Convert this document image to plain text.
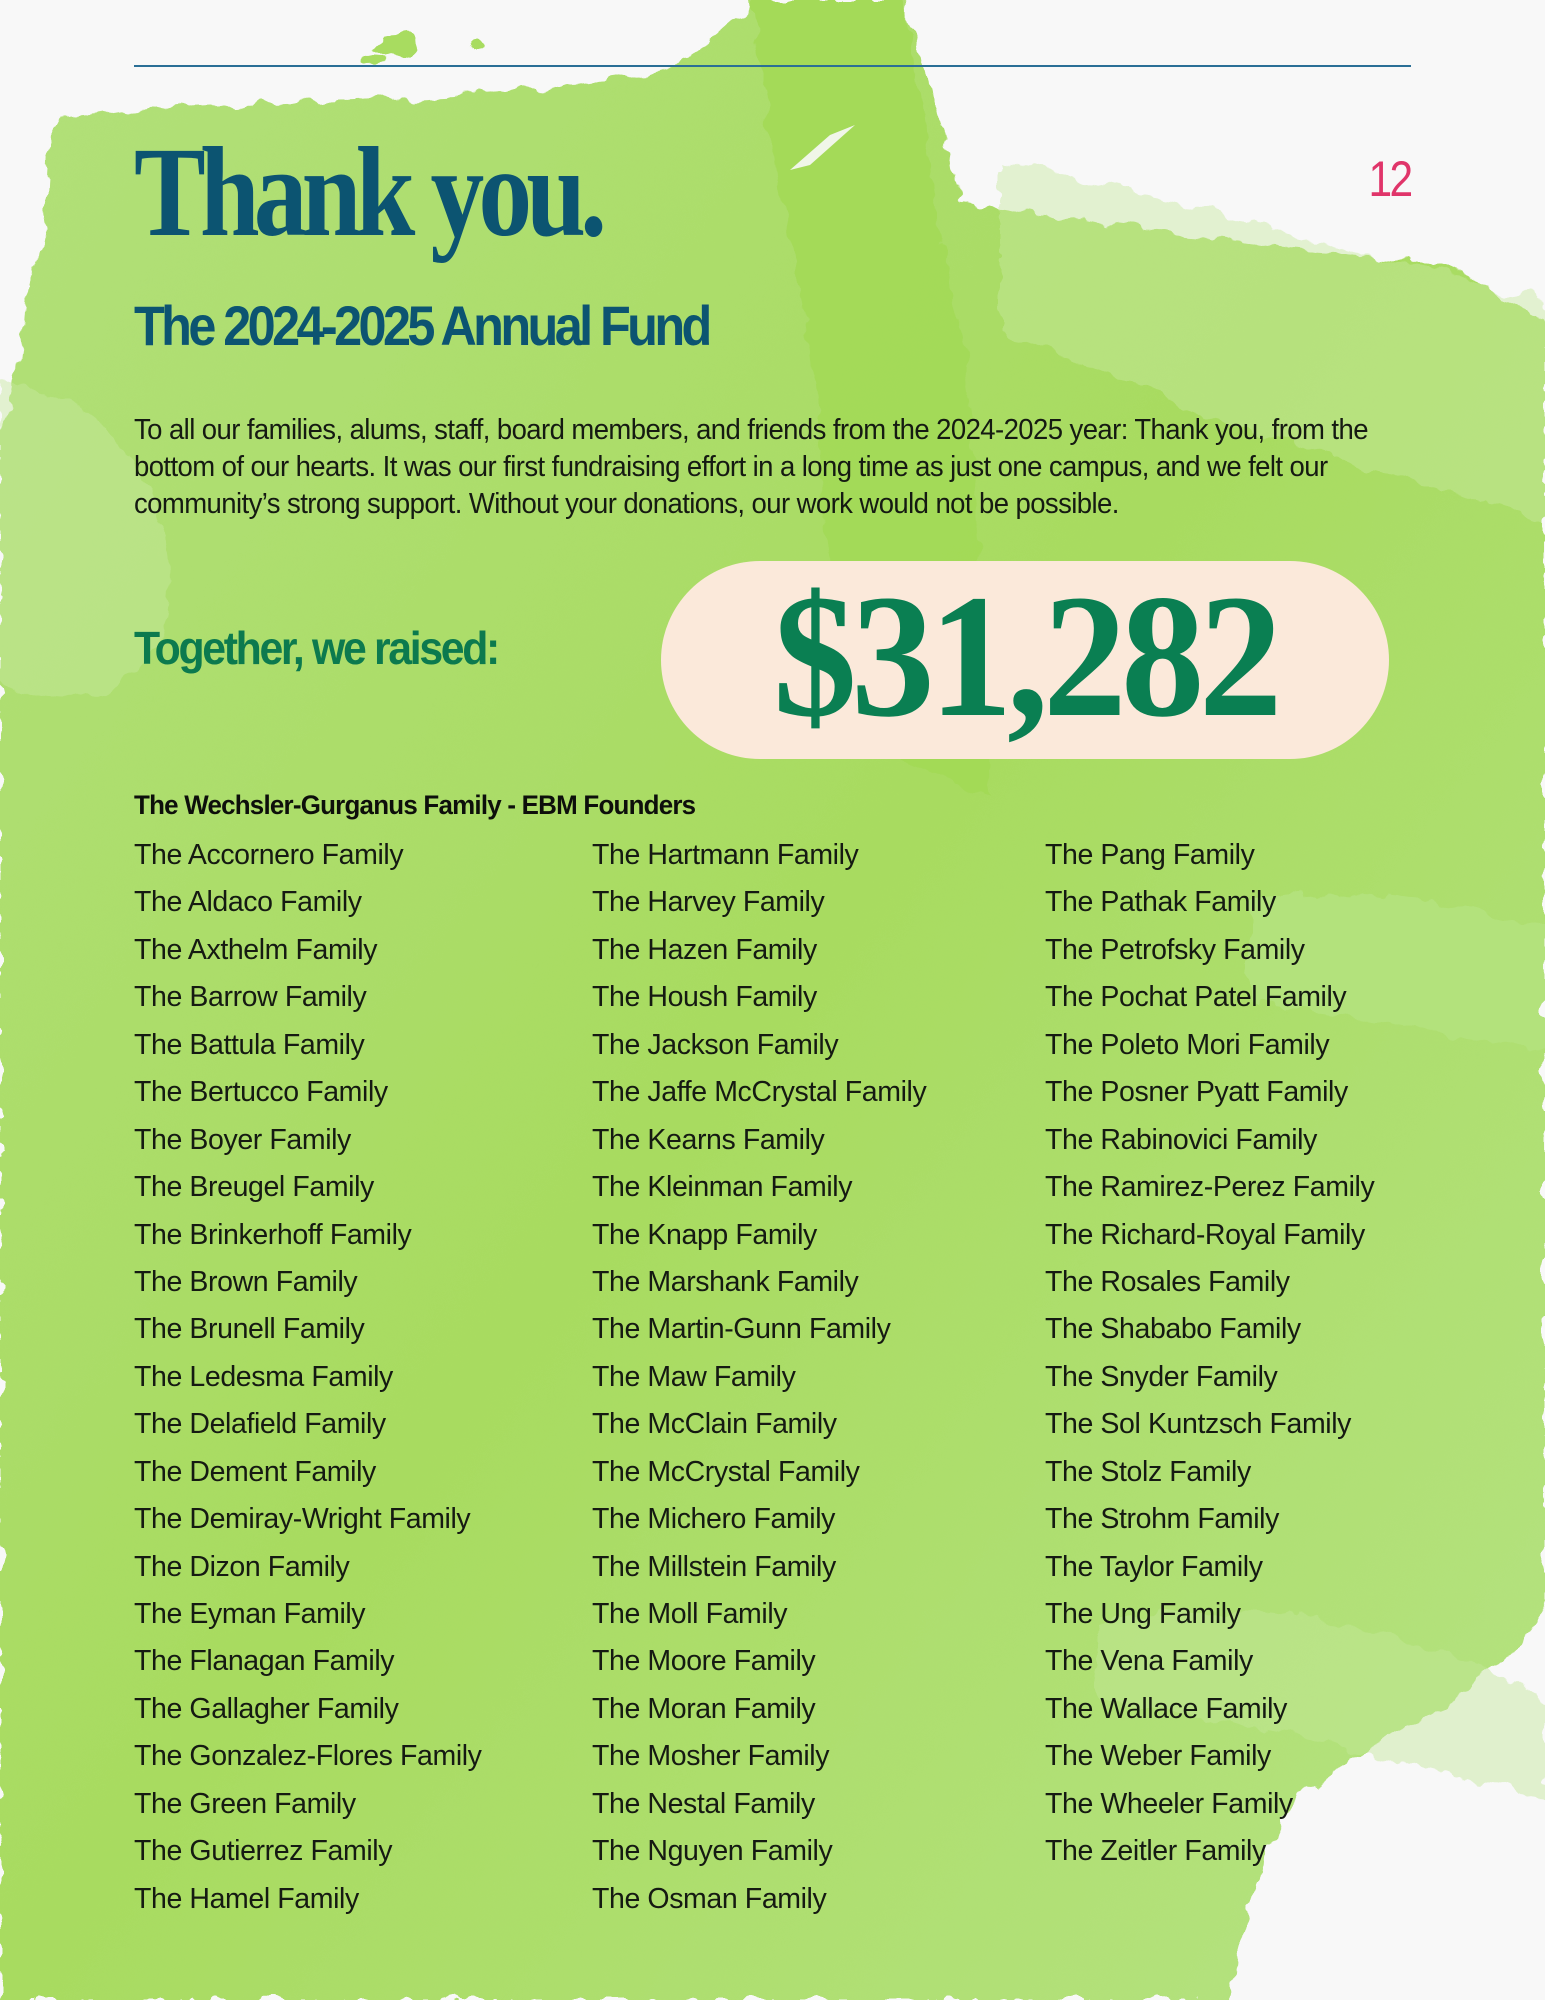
12
Thank you.
The 2024-2025 Annual Fund

To all our families, alums, staff, board members, and friends from the 2024-2025 year: Thank you, from the bottom of our hearts. It was our first fundraising effort in a long time as just one campus, and we felt our community’s strong support. Without your donations, our work would not be possible.

Together, we raised: $31,282
The Wechsler-Gurganus Family - EBM Founders
The Accornero Family
The Aldaco Family
The Axthelm Family
The Barrow Family
The Battula Family
The Bertucco Family
The Boyer Family
The Breugel Family
The Brinkerhoff Family
The Brown Family
The Brunell Family
The Ledesma Family
The Delafield Family
The Dement Family
The Demiray-Wright Family
The Dizon Family
The Eyman Family
The Flanagan Family
The Gallagher Family
The Gonzalez-Flores Family
The Green Family
The Gutierrez Family
The Hamel Family
The Hartmann Family
The Harvey Family
The Hazen Family
The Housh Family
The Jackson Family
The Jaffe McCrystal Family
The Kearns Family
The Kleinman Family
The Knapp Family
The Marshank Family
The Martin-Gunn Family
The Maw Family
The McClain Family
The McCrystal Family
The Michero Family
The Millstein Family
The Moll Family
The Moore Family
The Moran Family
The Mosher Family
The Nestal Family
The Nguyen Family
The Osman Family
The Pang Family
The Pathak Family
The Petrofsky Family
The Pochat Patel Family
The Poleto Mori Family
The Posner Pyatt Family
The Rabinovici Family
The Ramirez-Perez Family
The Richard-Royal Family
The Rosales Family
The Shababo Family
The Snyder Family
The Sol Kuntzsch Family
The Stolz Family
The Strohm Family
The Taylor Family
The Ung Family
The Vena Family
The Wallace Family
The Weber Family
The Wheeler Family
The Zeitler Family
